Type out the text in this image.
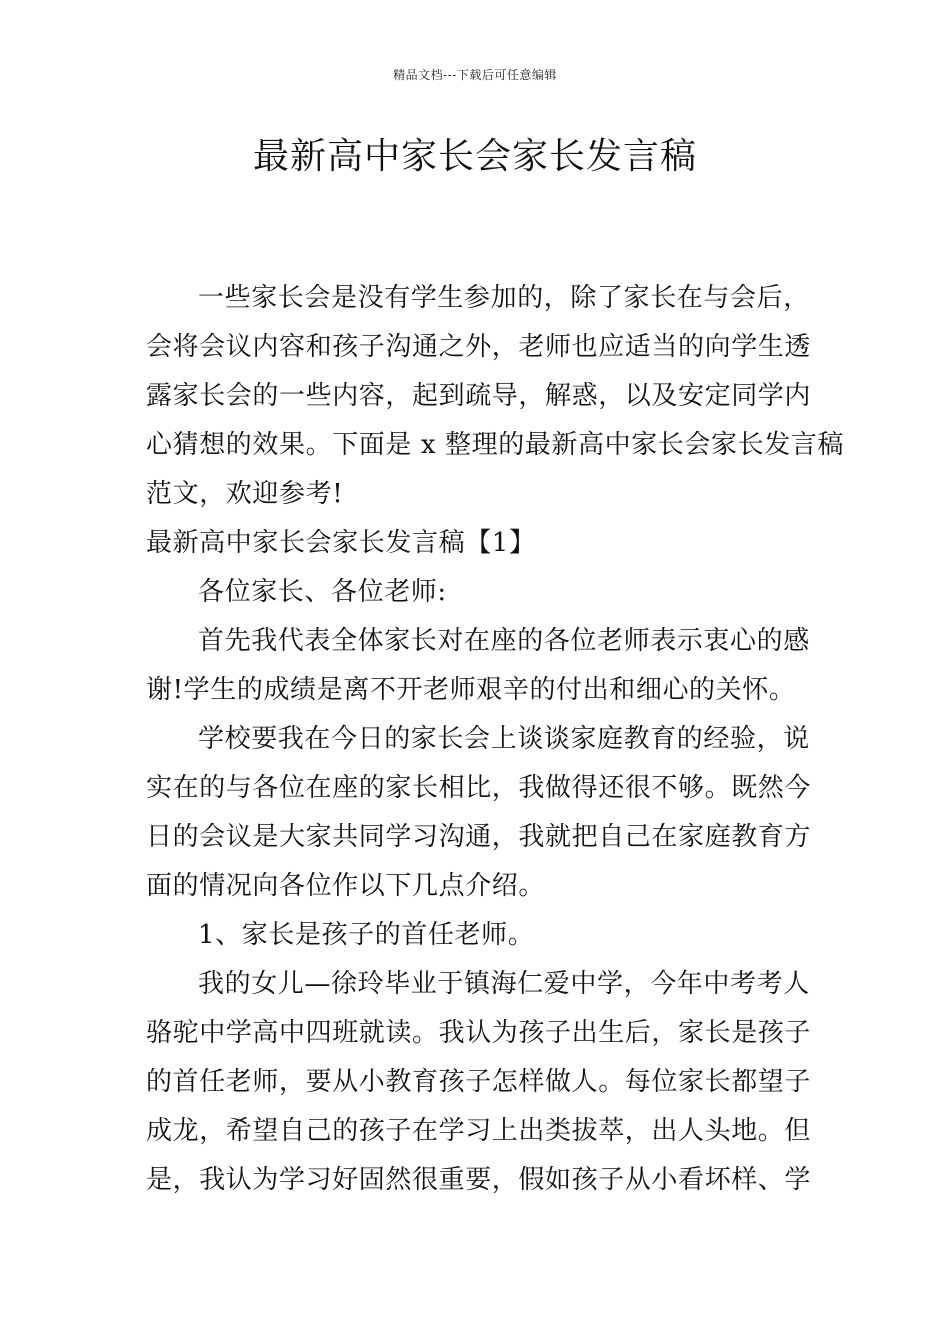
精品文档---下载后可任意编辑
最新高中家长会家长发言稿
一些家长会是没有学生参加的，除了家长在与会后，
会将会议内容和孩子沟通之外，老师也应适当的向学生透
露家长会的一些内容，起到疏导，解惑，以及安定同学内
心猜想的效果。下面是 x 整理的最新高中家长会家长发言稿
范文，欢迎参考!
最新高中家长会家长发言稿【1】
各位家长、各位老师:
首先我代表全体家长对在座的各位老师表示衷心的感
谢!学生的成绩是离不开老师艰辛的付出和细心的关怀。
学校要我在今日的家长会上谈谈家庭教育的经验，说
实在的与各位在座的家长相比，我做得还很不够。既然今
日的会议是大家共同学习沟通，我就把自己在家庭教育方
面的情况向各位作以下几点介绍。
1、家长是孩子的首任老师。
我的女儿—徐玲毕业于镇海仁爱中学，今年中考考人
骆驼中学高中四班就读。我认为孩子出生后，家长是孩子
的首任老师，要从小教育孩子怎样做人。每位家长都望子
成龙，希望自己的孩子在学习上出类拔萃，出人头地。但
是，我认为学习好固然很重要，假如孩子从小看坏样、学
